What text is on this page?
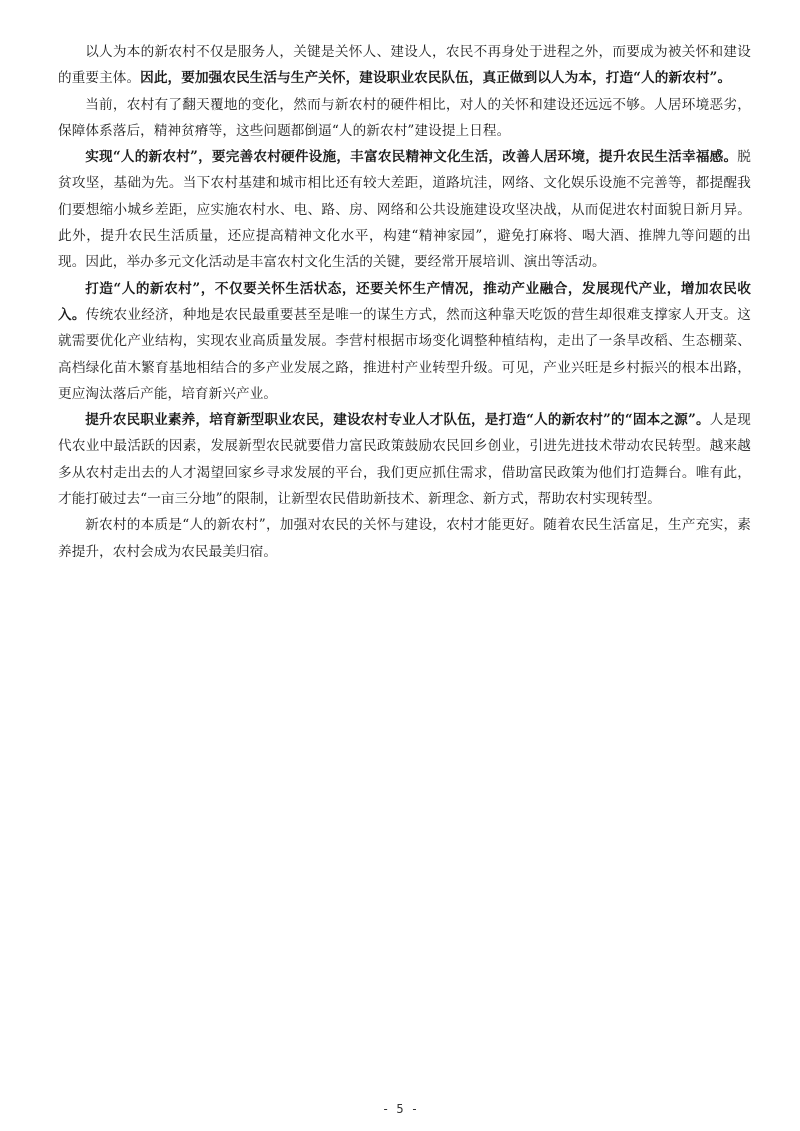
以人为本的新农村不仅是服务人，关键是关怀人、建设人，农民不再身处于进程之外，而要成为被关怀和建设的重要主体。因此，要加强农民生活与生产关怀，建设职业农民队伍，真正做到以人为本，打造“人的新农村”。

当前，农村有了翻天覆地的变化，然而与新农村的硬件相比，对人的关怀和建设还远远不够。人居环境恶劣，保障体系落后，精神贫瘠等，这些问题都倒逼“人的新农村”建设提上日程。

实现“人的新农村”，要完善农村硬件设施，丰富农民精神文化生活，改善人居环境，提升农民生活幸福感。脱贫攻坚，基础为先。当下农村基建和城市相比还有较大差距，道路坑洼，网络、文化娱乐设施不完善等，都提醒我们要想缩小城乡差距，应实施农村水、电、路、房、网络和公共设施建设攻坚决战，从而促进农村面貌日新月异。此外，提升农民生活质量，还应提高精神文化水平，构建“精神家园”，避免打麻将、喝大酒、推牌九等问题的出现。因此，举办多元文化活动是丰富农村文化生活的关键，要经常开展培训、演出等活动。

打造“人的新农村”，不仅要关怀生活状态，还要关怀生产情况，推动产业融合，发展现代产业，增加农民收入。传统农业经济，种地是农民最重要甚至是唯一的谋生方式，然而这种靠天吃饭的营生却很难支撑家人开支。这就需要优化产业结构，实现农业高质量发展。李营村根据市场变化调整种植结构，走出了一条旱改稻、生态棚菜、高档绿化苗木繁育基地相结合的多产业发展之路，推进村产业转型升级。可见，产业兴旺是乡村振兴的根本出路，更应淘汰落后产能，培育新兴产业。

提升农民职业素养，培育新型职业农民，建设农村专业人才队伍，是打造“人的新农村”的“固本之源”。人是现代农业中最活跃的因素，发展新型农民就要借力富民政策鼓励农民回乡创业，引进先进技术带动农民转型。越来越多从农村走出去的人才渴望回家乡寻求发展的平台，我们更应抓住需求，借助富民政策为他们打造舞台。唯有此，才能打破过去“一亩三分地”的限制，让新型农民借助新技术、新理念、新方式，帮助农村实现转型。

新农村的本质是“人的新农村”，加强对农民的关怀与建设，农村才能更好。随着农民生活富足，生产充实，素养提升，农村会成为农民最美归宿。

- 5 -
